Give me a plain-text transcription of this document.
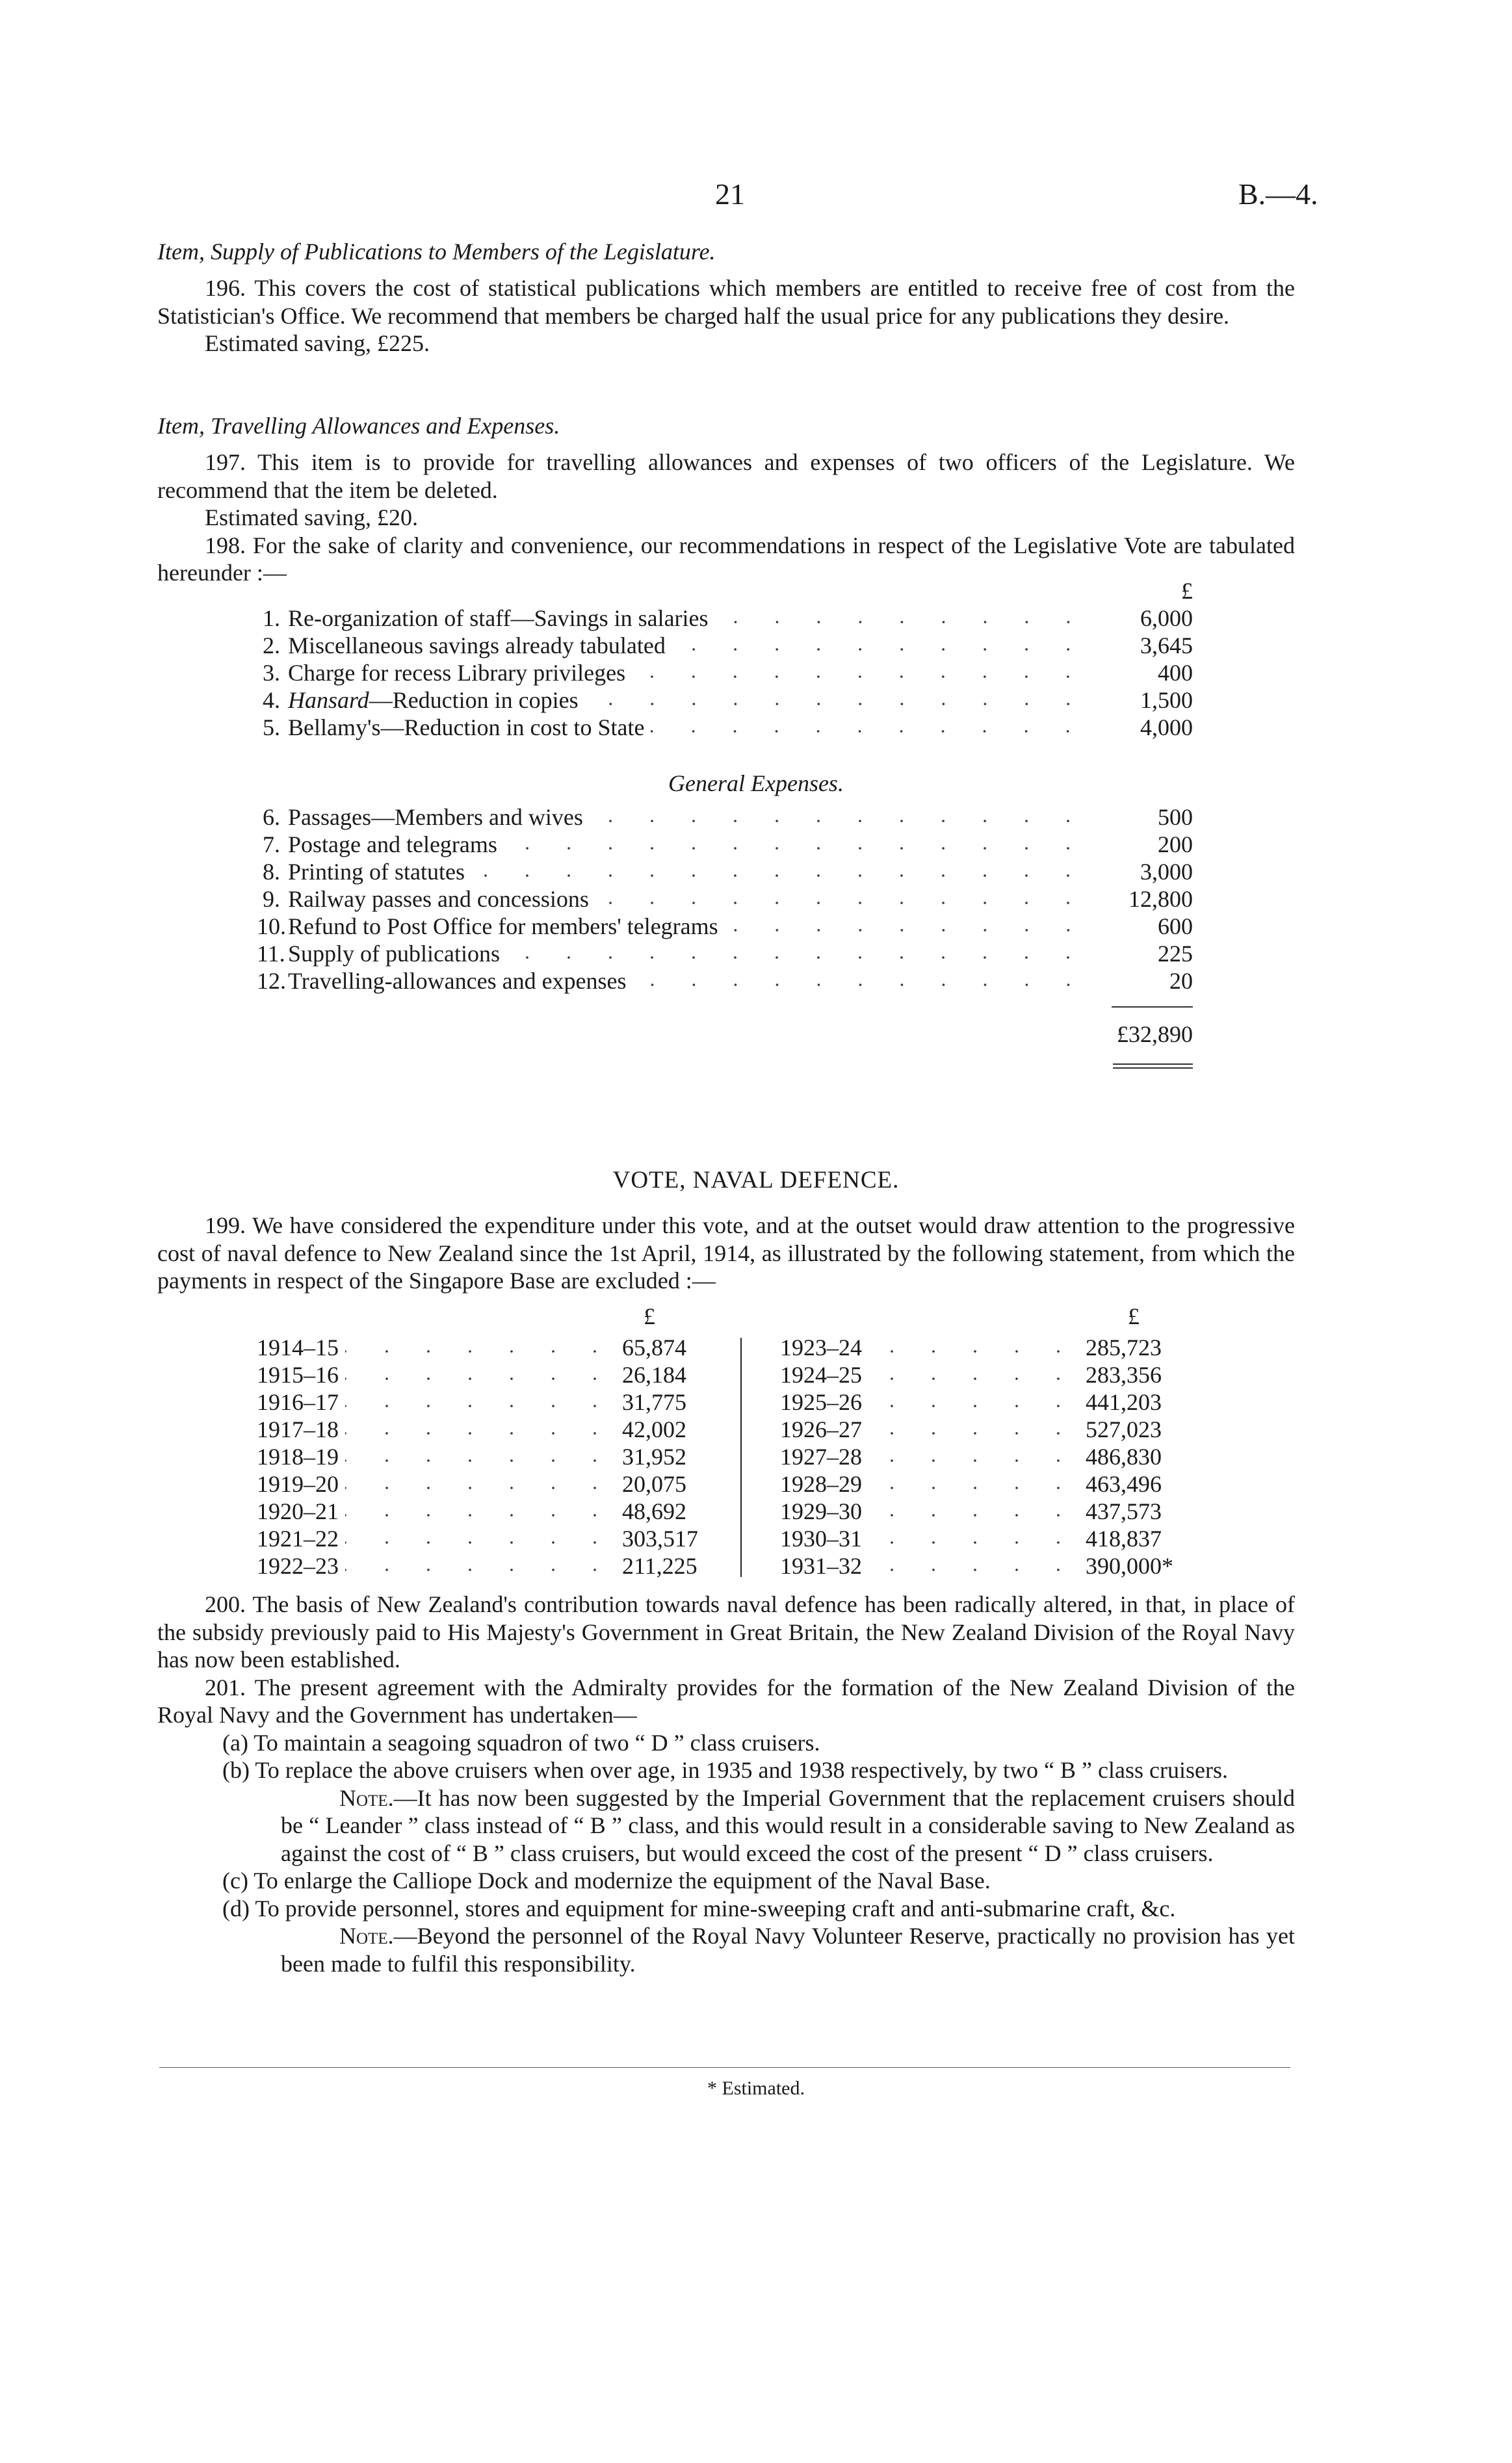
21	B.—4.
Item, Supply of Publications to Members of the Legislature.

196. This covers the cost of statistical publications which members are entitled to receive free of cost from the Statistician's Office. We recommend that members be charged half the usual price for any publications they desire.

Estimated saving, £225.

Item, Travelling Allowances and Expenses.

197. This item is to provide for travelling allowances and expenses of two officers of the Legislature. We recommend that the item be deleted.

Estimated saving, £20.

198. For the sake of clarity and convenience, our recommendations in respect of the Legislative Vote are tabulated hereunder :—

£
1. Re-organization of staff—Savings in salaries	6,000
2. Miscellaneous savings already tabulated	3,645
3. Charge for recess Library privileges	400
4. Hansard—Reduction in copies	1,500
5. Bellamy's—Reduction in cost to State	4,000
General Expenses.
6. Passages—Members and wives	500
7. Postage and telegrams	200
8. Printing of statutes	3,000
9. Railway passes and concessions	12,800
10. Refund to Post Office for members' telegrams	600
11. Supply of publications	225
12. Travelling-allowances and expenses	20
£32,890
VOTE, NAVAL DEFENCE.

199. We have considered the expenditure under this vote, and at the outset would draw attention to the progressive cost of naval defence to New Zealand since the 1st April, 1914, as illustrated by the following statement, from which the payments in respect of the Singapore Base are excluded :—

£	£
1914–15	65,874
1915–16	26,184
1916–17	31,775
1917–18	42,002
1918–19	31,952
1919–20	20,075
1920–21	48,692
1921–22	303,517
1922–23	211,225
1923–24	285,723
1924–25	283,356
1925–26	441,203
1926–27	527,023
1927–28	486,830
1928–29	463,496
1929–30	437,573
1930–31	418,837
1931–32	390,000*

200. The basis of New Zealand's contribution towards naval defence has been radically altered, in that, in place of the subsidy previously paid to His Majesty's Government in Great Britain, the New Zealand Division of the Royal Navy has now been established.

201. The present agreement with the Admiralty provides for the formation of the New Zealand Division of the Royal Navy and the Government has undertaken—

(a) To maintain a seagoing squadron of two “ D ” class cruisers.

(b) To replace the above cruisers when over age, in 1935 and 1938 respectively, by two “ B ” class cruisers.

Note.—It has now been suggested by the Imperial Government that the replacement cruisers should be “ Leander ” class instead of “ B ” class, and this would result in a considerable saving to New Zealand as against the cost of “ B ” class cruisers, but would exceed the cost of the present “ D ” class cruisers.

(c) To enlarge the Calliope Dock and modernize the equipment of the Naval Base.

(d) To provide personnel, stores and equipment for mine-sweeping craft and anti-submarine craft, &c.

Note.—Beyond the personnel of the Royal Navy Volunteer Reserve, practically no provision has yet been made to fulfil this responsibility.

* Estimated.
